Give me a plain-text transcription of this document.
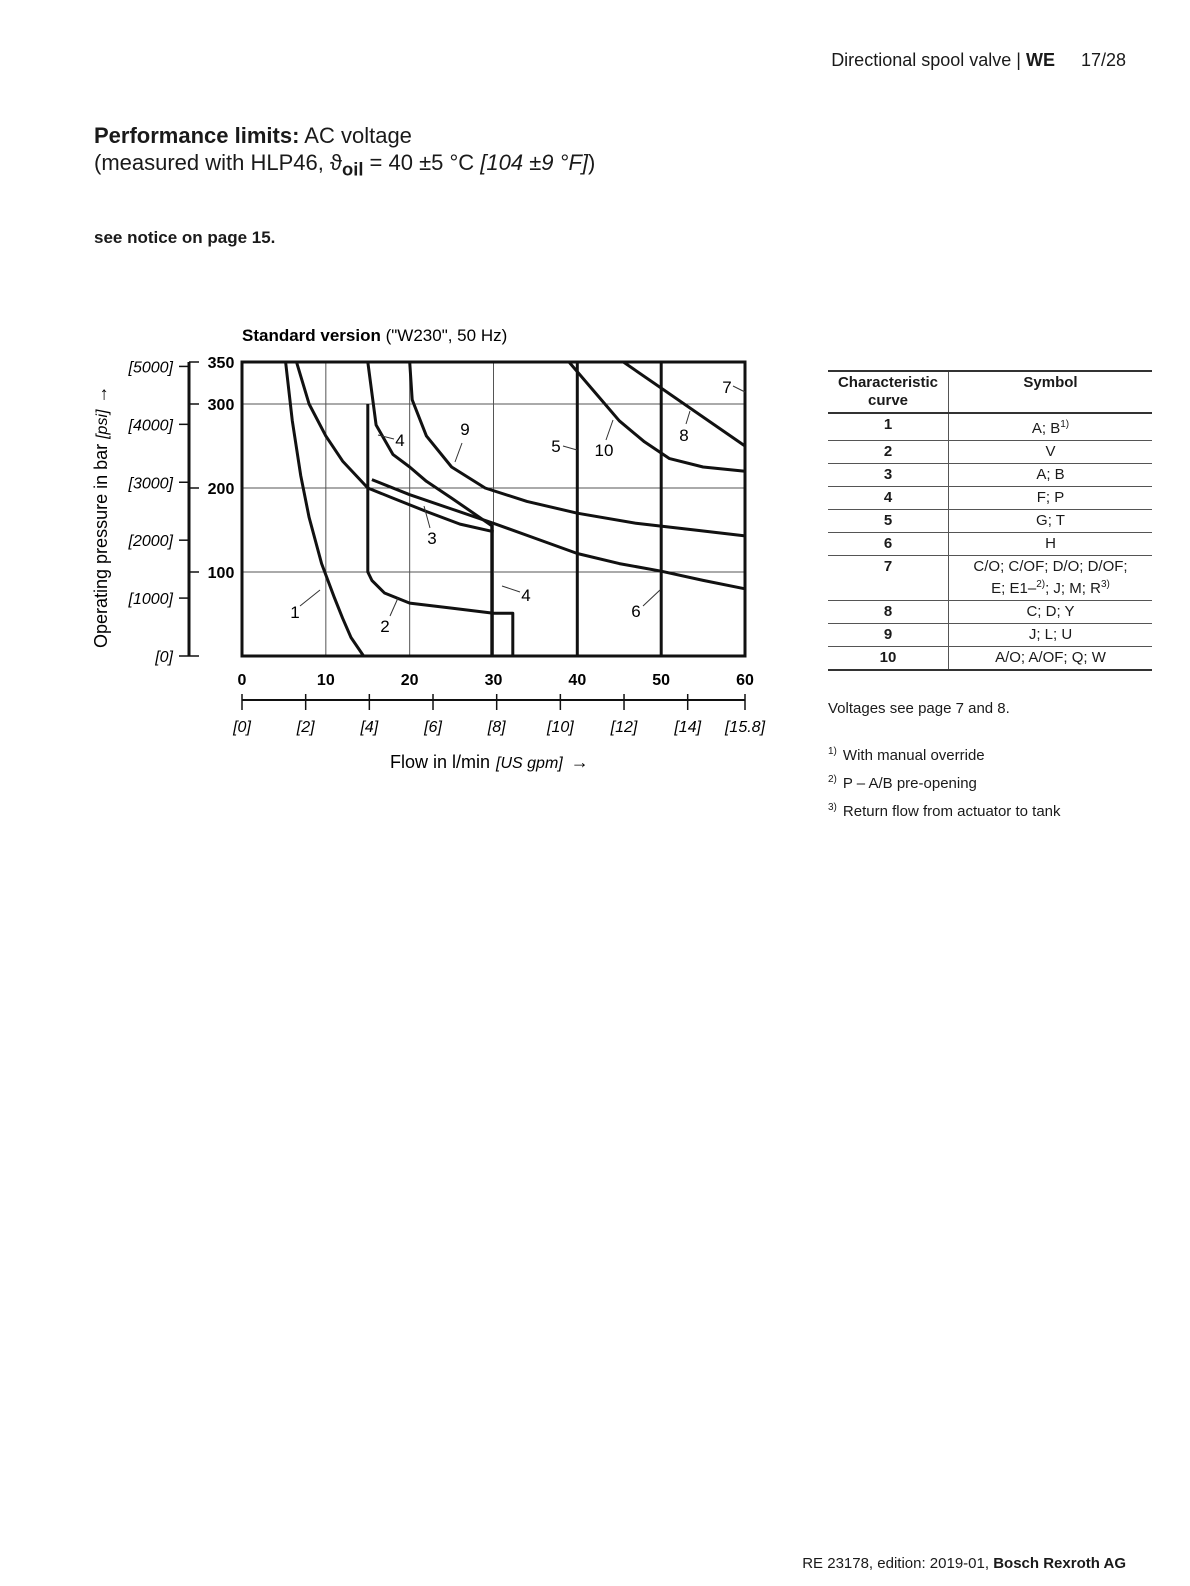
Directional spool valve | WE 17/28
Performance limits: AC voltage
(measured with HLP46, $ϑ_{oil} = 40 \pm 5$ °C [104 ±9 °F])
see notice on page 15.
Standard version ("W230", 50 Hz)
0	10	20	30	40	50	60
100
200
300
350
[0]	[2]	[4]	[6]	[8]	[10] [12] [14] [15.8]
[0]
[1000]
[2000]
[3000]
[4000]
[5000]
1
2
3
4
4
5
6
7
8
9
10
Flow in l/min [US gpm] →
Operating pressure in bar [psi]→
Characteristic curve	Symbol
1	A; $B^{1)}$
2	V
3	A; B
4	F; P
5	G; T
6	H
7	C/O; C/OF; D/O; D/OF;
E; E1–$^{2)}$; J; M; $R^{3)}$
8	C; D; Y
9	J; L; U
10	A/O; A/OF; Q; W
Voltages see page 7 and 8.
$^{1)}$ With manual override
$^{2)}$ P – A/B pre-opening
$^{3)}$ Return flow from actuator to tank
RE 23178, edition: 2019-01, Bosch Rexroth AG
